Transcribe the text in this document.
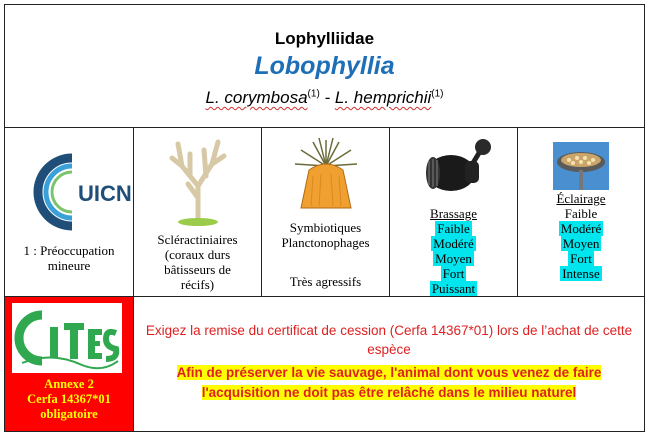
Lophylliidae
Lobophyllia
L. corymbosa$^{(1)}$ - L. hemprichii$^{(1)}$
UICN
1 : Préoccupation
mineure
Scléractiniaires
(coraux durs
bâtisseurs de
récifs)
Symbiotiques
Planctonophages
Très agressifs
Brassage
Faible
Modéré
Moyen
Fort
Puissant
Éclairage
Faible
Modéré
Moyen
Fort
Intense
Annexe 2
Cerfa 14367*01
obligatoire
Exigez la remise du certificat de cession (Cerfa 14367*01) lors de l’achat de cette espèce
Afin de préserver la vie sauvage, l'animal dont vous venez de faire
l'acquisition ne doit pas être relâché dans le milieu naturel
